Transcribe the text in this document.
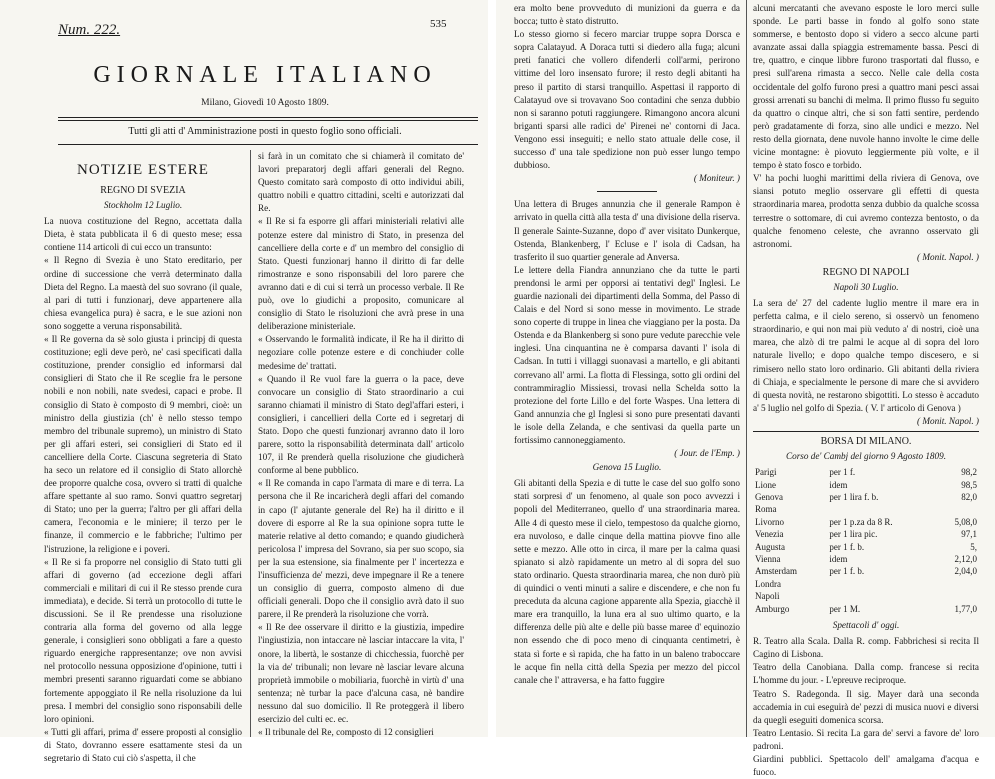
Num. 222.	535
GIORNALE ITALIANO
Milano, Giovedì 10 Agosto 1809.
Tutti gli atti d' Amministrazione posti in questo foglio sono officiali.
NOTIZIE ESTERE
REGNO DI SVEZIA
Stockholm 12 Luglio.

La nuova costituzione del Regno, accettata dalla Dieta, è stata pubblicata il 6 di questo mese; essa contiene 114 articoli di cui ecco un transunto:

« Il Regno di Svezia è uno Stato ereditario, per ordine di successione che verrà determinato dalla Dieta del Regno. La maestà del suo sovrano (il quale, al pari di tutti i funzionarj, deve appartenere alla chiesa evangelica pura) è sacra, e le sue azioni non sono soggette a veruna risponsabilità.

« Il Re governa da sè solo giusta i principj di questa costituzione; egli deve però, ne' casi specificati dalla costituzione, prender consiglio ed informarsi dal consiglieri di Stato che il Re sceglie fra le persone nobili e non nobili, nate svedesi, capaci e probe. Il consiglio di Stato è composto di 9 membri, cioè: un ministro della giustizia (ch' è nello stesso tempo membro del tribunale supremo), un ministro di Stato per gli affari esteri, sei consiglieri di Stato ed il cancelliere della Corte. Ciascuna segreteria di Stato ha seco un relatore ed il consiglio di Stato allorchè dee proporre qualche cosa, ovvero si tratti di qualche affare spettante al suo ramo. Sonvi quattro segretarj di Stato; uno per la guerra; l'altro per gli affari della camera, l'economia e le miniere; il terzo per le finanze, il commercio e le fabbriche; l'ultimo per l'istruzione, la religione e i poveri.

« Il Re si fa proporre nel consiglio di Stato tutti gli affari di governo (ad eccezione degli affari commerciali e militari di cui il Re stesso prende cura immediata), e decide. Si terrà un protocollo di tutte le discussioni. Se il Re prendesse una risoluzione contraria alla forma del governo od alla legge generale, i consiglieri sono obbligati a fare a questo riguardo energiche rappresentanze; ove non avvisi nel protocollo nessuna opposizione d'opinione, tutti i membri presenti saranno riguardati come se abbiano fortemente appoggiato il Re nella risoluzione da lui presa. I membri del consiglio sono risponsabili delle loro opinioni.

« Tutti gli affari, prima d' essere proposti al consiglio di Stato, dovranno essere esattamente stesi da un segretario di Stato cui ciò s'aspetta, il che

si farà in un comitato che si chiamerà il comitato de' lavori preparatorj degli affari generali del Regno. Questo comitato sarà composto di otto individui abili, quattro nobili e quattro cittadini, scelti e autorizzati dal Re.

« Il Re si fa esporre gli affari ministeriali relativi alle potenze estere dal ministro di Stato, in presenza del cancelliere della corte e d' un membro del consiglio di Stato. Questi funzionarj hanno il diritto di far delle rimostranze e sono risponsabili del loro parere che avranno dati e di cui si terrà un processo verbale. Il Re può, ove lo giudichi a proposito, comunicare al consiglio di Stato le risoluzioni che avrà prese in una deliberazione ministeriale.

« Osservando le formalità indicate, il Re ha il diritto di negoziare colle potenze estere e di conchiuder colle medesime de' trattati.

« Quando il Re vuol fare la guerra o la pace, deve convocare un consiglio di Stato straordinario a cui saranno chiamati il ministro di Stato degl'affari esteri, i consiglieri, i cancellieri della Corte ed i segretarj di Stato. Dopo che questi funzionarj avranno dato il loro parere, sotto la risponsabilità determinata dall' articolo 107, il Re prenderà quella risoluzione che giudicherà conforme al bene pubblico.

« Il Re comanda in capo l'armata di mare e di terra. La persona che il Re incaricherà degli affari del comando in capo (l' ajutante generale del Re) ha il diritto e il dovere di esporre al Re la sua opinione sopra tutte le materie relative al detto comando; e quando giudicherà pericolosa l' impresa del Sovrano, sia per suo scopo, sia per la sua estensione, sia finalmente per l' incertezza e l'insufficienza de' mezzi, deve impegnare il Re a tenere un consiglio di guerra, composto almeno di due officiali generali. Dopo che il consiglio avrà dato il suo parere, il Re prenderà la risoluzione che vorrà.

« Il Re dee osservare il diritto e la giustizia, impedire l'ingiustizia, non intaccare nè lasciar intaccare la vita, l' onore, la libertà, le sostanze di chicchessia, fuorchè per la via de' tribunali; non levare nè lasciar levare alcuna proprietà immobile o mobiliaria, fuorchè in virtù d' una sentenza; nè turbar la pace d'alcuna casa, nè bandire nessuno dal suo domicilio. Il Re proteggerà il libero esercizio del culti ec. ec.

« Il tribunale del Re, composto di 12 consiglieri

era molto bene provveduto di munizioni da guerra e da bocca; tutto è stato distrutto.

Lo stesso giorno si fecero marciar truppe sopra Dorsca e sopra Calatayud. A Doraca tutti si diedero alla fuga; alcuni preti fanatici che vollero difenderli coll'armi, perirono vittime del loro insensato furore; il resto degli abitanti ha preso il partito di starsi tranquillo. Aspettasi il rapporto di Calatayud ove si trovavano Soo contadini che senza dubbio non si saranno potuti raggiungere. Rimangono ancora alcuni briganti sparsi alle radici de' Pirenei ne' contorni di Jaca. Vengono essi inseguiti; e nello stato attuale delle cose, il successo d' una tale spedizione non può esser lungo tempo dubbioso.

( Moniteur. )

Una lettera di Bruges annunzia che il generale Rampon è arrivato in quella città alla testa d' una divisione della riserva. Il generale Sainte-Suzanne, dopo d' aver visitato Dunkerque, Ostenda, Blankenberg, l' Ecluse e l' isola di Cadsan, ha trasferito il suo quartier generale ad Anversa.

Le lettere della Fiandra annunziano che da tutte le parti prendonsi le armi per opporsi ai tentativi degl' Inglesi. Le guardie nazionali dei dipartimenti della Somma, del Passo di Calais e del Nord si sono messe in movimento. Le strade sono coperte di truppe in linea che viaggiano per la posta. Da Ostenda e da Blankenberg si sono pure vedute parecchie vele inglesi. Una cinquantina ne è comparsa davanti l' isola di Cadsan. In tutti i villaggi suonavasi a martello, e gli abitanti correvano all' armi. La flotta di Flessinga, sotto gli ordini del contrammiraglio Missiessi, trovasi nella Schelda sotto la protezione del forte Lillo e del forte Waspes. Una lettera di Gand annunzia che gl Inglesi si sono pure presentati davanti le isole della Zelanda, e che sentivasi da quella parte un fortissimo cannoneggiamento.

( Jour. de l'Emp. )

Genova 15 Luglio.

Gli abitanti della Spezia e di tutte le case del suo golfo sono stati sorpresi d' un fenomeno, al quale son poco avvezzi i popoli del Mediterraneo, quello d' una straordinaria marea. Alle 4 di questo mese il cielo, tempestoso da qualche giorno, era nuvoloso, e dalle cinque della mattina piovve fino alle sette e mezzo. Alle otto in circa, il mare per la calma quasi spianato si alzò rapidamente un metro al di sopra del suo stato ordinario. Questa straordinaria marea, che non durò più di quindici o venti minuti a salire e discendere, e che non fu preceduta da alcuna cagione apparente alla Spezia, giacchè il mare era tranquillo, la luna era al suo ultimo quarto, e la differenza delle più alte e delle più basse maree d' equinozio non essendo che di poco meno di cinquanta centimetri, è stata sì forte e sì rapida, che ha fatto in un baleno traboccare le acque fin nella città della Spezia per mezzo del piccol canale che l' attraversa, e ha fatto fuggire

alcuni mercatanti che avevano esposte le loro merci sulle sponde. Le parti basse in fondo al golfo sono state sommerse, e bentosto dopo si videro a secco alcune parti avanzate assai dalla spiaggia estremamente bassa. Pesci di tre, quattro, e cinque libbre furono trasportati dal flusso, e presi sull'arena rimasta a secco. Nelle cale della costa occidentale del golfo furono presi a quattro mani pesci assai grossi arrenati su banchi di melma. Il primo flusso fu seguito da quattro o cinque altri, che si son fatti sentire, perdendo però gradatamente di forza, sino alle undici e mezzo. Nel resto della giornata, dene nuvole hanno involte le cime delle vicine montagne: è piovuto leggiermente più volte, e il tempo è stato fosco e torbido.

V' ha pochi luoghi marittimi della riviera di Genova, ove siansi potuto meglio osservare gli effetti di questa straordinaria marea, prodotta senza dubbio da qualche scossa terrestre o sottomare, di cui avremo contezza bentosto, o da qualche fenomeno celeste, che avranno osservato gli astronomi.

( Monit. Napol. )

REGNO DI NAPOLI
Napoli 30 Luglio.

La sera de' 27 del cadente luglio mentre il mare era in perfetta calma, e il cielo sereno, si osservò un fenomeno straordinario, e qui non mai più veduto a' di nostri, cioè una marea, che alzò di tre palmi le acque al di sopra del loro naturale livello; e dopo qualche tempo discesero, e si rimisero nello stato loro ordinario. Gli abitanti della riviera di Chiaja, e specialmente le persone di mare che si avvidero di questa novità, ne restarono sbigottiti. Lo stesso è accaduto a' 5 luglio nel golfo di Spezia. ( V. l' articolo di Genova )

( Monit. Napol. )

BORSA DI MILANO.
Corso de' Cambj del giorno 9 Agosto 1809.
Parigi	per 1 f.	98,2
Lione	idem	98,5
Genova	per 1 lira f. b.	82,0
Roma		
Livorno	per 1 p.za da 8 R.	5,08,0
Venezia	per 1 lira pic.	97,1
Augusta	per 1 f. b.	5,
Vienna	idem	2,12,0
Amsterdam	per 1 f. b.	2,04,0
Londra		
Napoli		
Amburgo	per 1 M.	1,77,0
Spettacoli d' oggi.

R. Teatro alla Scala. Dalla R. comp. Fabbrichesi si recita Il Cagino di Lisbona.

Teatro della Canobiana. Dalla comp. francese si recita L'homme du jour. - L'epreuve reciproque.

Teatro S. Radegonda. Il sig. Mayer darà una seconda accademia in cui eseguirà de' pezzi di musica nuovi e diversi da quegli eseguiti domenica scorsa.

Teatro Lentasio. Si recita La gara de' servi a favore de' loro padroni.

Giardini pubblici. Spettacolo dell' amalgama d'acqua e fuoco.
